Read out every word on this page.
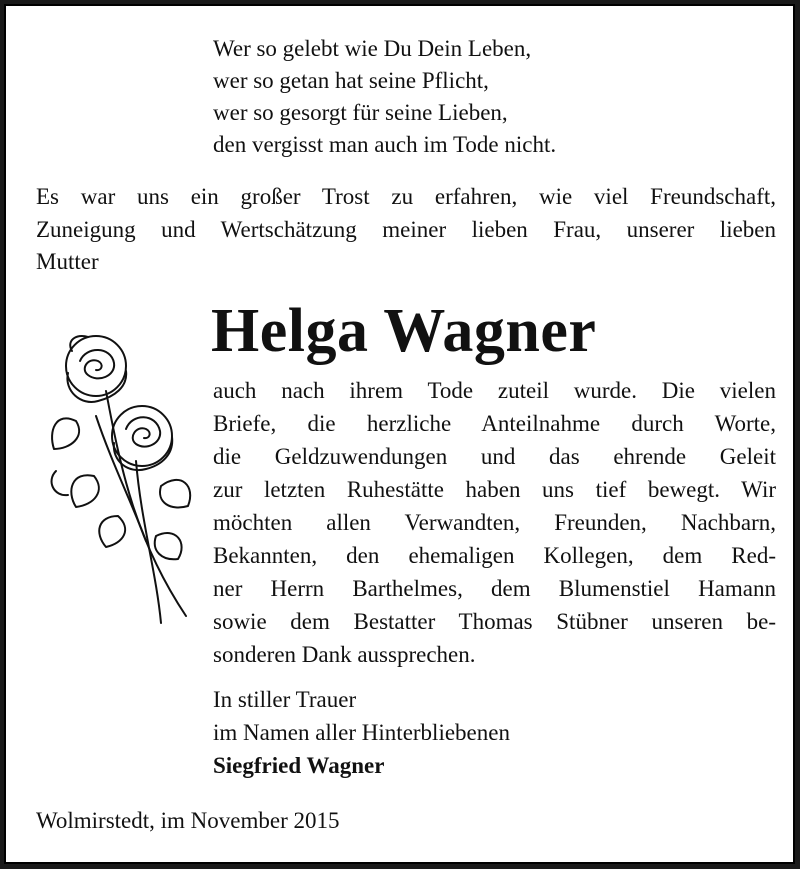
Wer so gelebt wie Du Dein Leben,
wer so getan hat seine Pflicht,
wer so gesorgt für seine Lieben,
den vergisst man auch im Tode nicht.
Es war uns ein großer Trost zu erfahren, wie viel Freundschaft,
Zuneigung und Wertschätzung meiner lieben Frau, unserer lieben
Mutter
Helga Wagner
auch nach ihrem Tode zuteil wurde. Die vielen
Briefe, die herzliche Anteilnahme durch Worte,
die Geldzuwendungen und das ehrende Geleit
zur letzten Ruhestätte haben uns tief bewegt. Wir
möchten allen Verwandten, Freunden, Nachbarn,
Bekannten, den ehemaligen Kollegen, dem Red-
ner Herrn Barthelmes, dem Blumenstiel Hamann
sowie dem Bestatter Thomas Stübner unseren be-
sonderen Dank aussprechen.
In stiller Trauer
im Namen aller Hinterbliebenen
Siegfried Wagner
Wolmirstedt, im November 2015
